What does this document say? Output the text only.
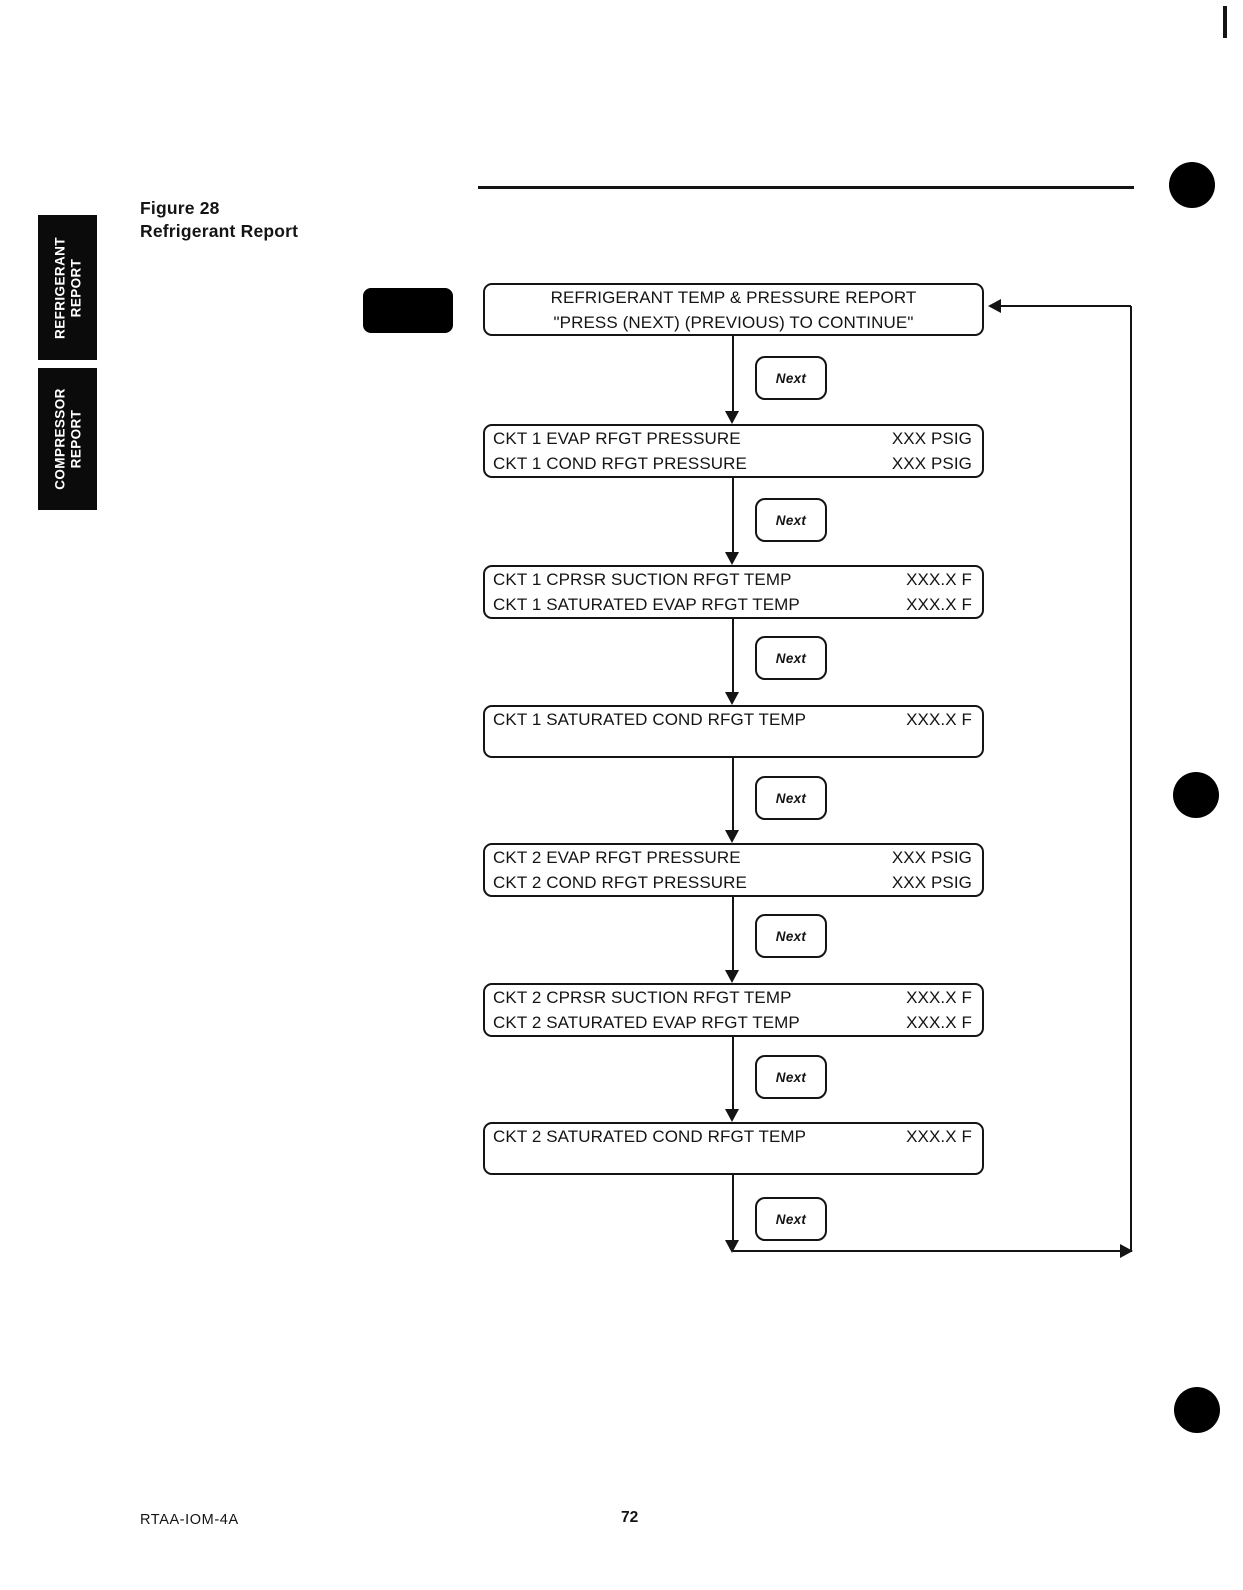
REFRIGERANT REPORT
COMPRESSOR REPORT
Figure 28
Refrigerant Report
REFRIGERANT TEMP & PRESSURE REPORT
"PRESS (NEXT) (PREVIOUS) TO CONTINUE"
CKT 1 EVAP RFGT PRESSURE	XXX PSIG
CKT 1 COND RFGT PRESSURE	XXX PSIG
CKT 1 CPRSR SUCTION RFGT TEMP	XXX.X F
CKT 1 SATURATED EVAP RFGT TEMP	XXX.X F
CKT 1 SATURATED COND RFGT TEMP	XXX.X F
CKT 2 EVAP RFGT PRESSURE	XXX PSIG
CKT 2 COND RFGT PRESSURE	XXX PSIG
CKT 2 CPRSR SUCTION RFGT TEMP	XXX.X F
CKT 2 SATURATED EVAP RFGT TEMP	XXX.X F
CKT 2 SATURATED COND RFGT TEMP	XXX.X F
Next
Next
Next
Next
Next
Next
Next
RTAA-IOM-4A	72
